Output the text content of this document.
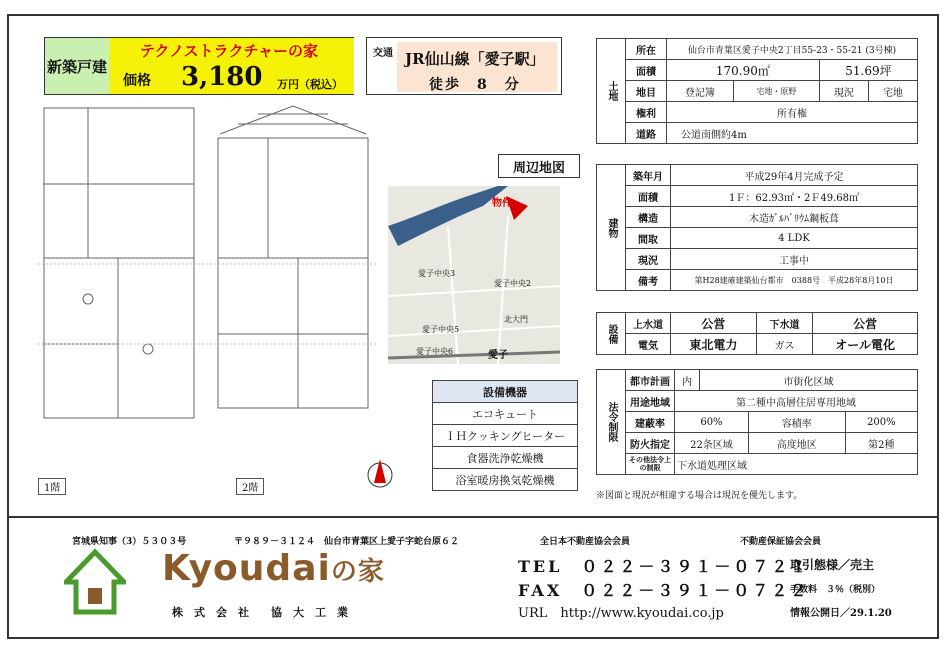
新築戸建
テクノストラクチャーの家
価格 3,180 万円（税込）
交通 JR仙山線「愛子駅」
徒歩　8　分	土地	所在	仙台市青葉区愛子中央2丁目55-23・55-21 (3号棟)			
	面積	170.90㎡		51.69坪	
	地目	登記簿	宅地・原野	現況	宅地
	権利	所有権			
	道路	公道南側約4m			
建物	築年月	平成29年4月完成予定
	面積	1Ｆ：62.93㎡・2Ｆ49.68㎡
	構造	木造ｶﾞﾙﾊﾞﾘｳﾑ鋼板葺
	間取	4 LDK
	現況	工事中
	備考	第H28建確建築仙台都市　0388号　平成28年8月10日
設備	上水道	公営	下水道	公営
	電気	東北電力	ガス	オール電化
法令制限	都市計画	内	市街化区域		
	用途地域	第二種中高層住居専用地域			
	建蔽率	60%		容積率	200%
	防火指定	22条区域		高度地区	第2種
	その他法令上の制限	下水道処理区域			
※図面と現況が相違する場合は現況を優先します。
1階	2階
周辺地図
物件
愛子中央3
愛子中央2
愛子中央5
愛子中央6
北大門
愛子
設備機器
エコキュート
ＩＨクッキングヒーター
食器洗浄乾燥機
浴室暖房換気乾燥機
宮城県知事（3）５３０３号	〒９８９－３１２４　仙台市青葉区上愛子字蛇台原６２	全日本不動産協会会員	不動産保証協会会員
Kyoudaiの家
株　式　会　社　　協　大　工　業
TEL　０２２－３９１－０７２１
FAX　０２２－３９１－０７２２
URL　http://www.kyoudai.co.jp
取引態様／売主
手数料　３％（税別）
情報公開日／29.1.20
